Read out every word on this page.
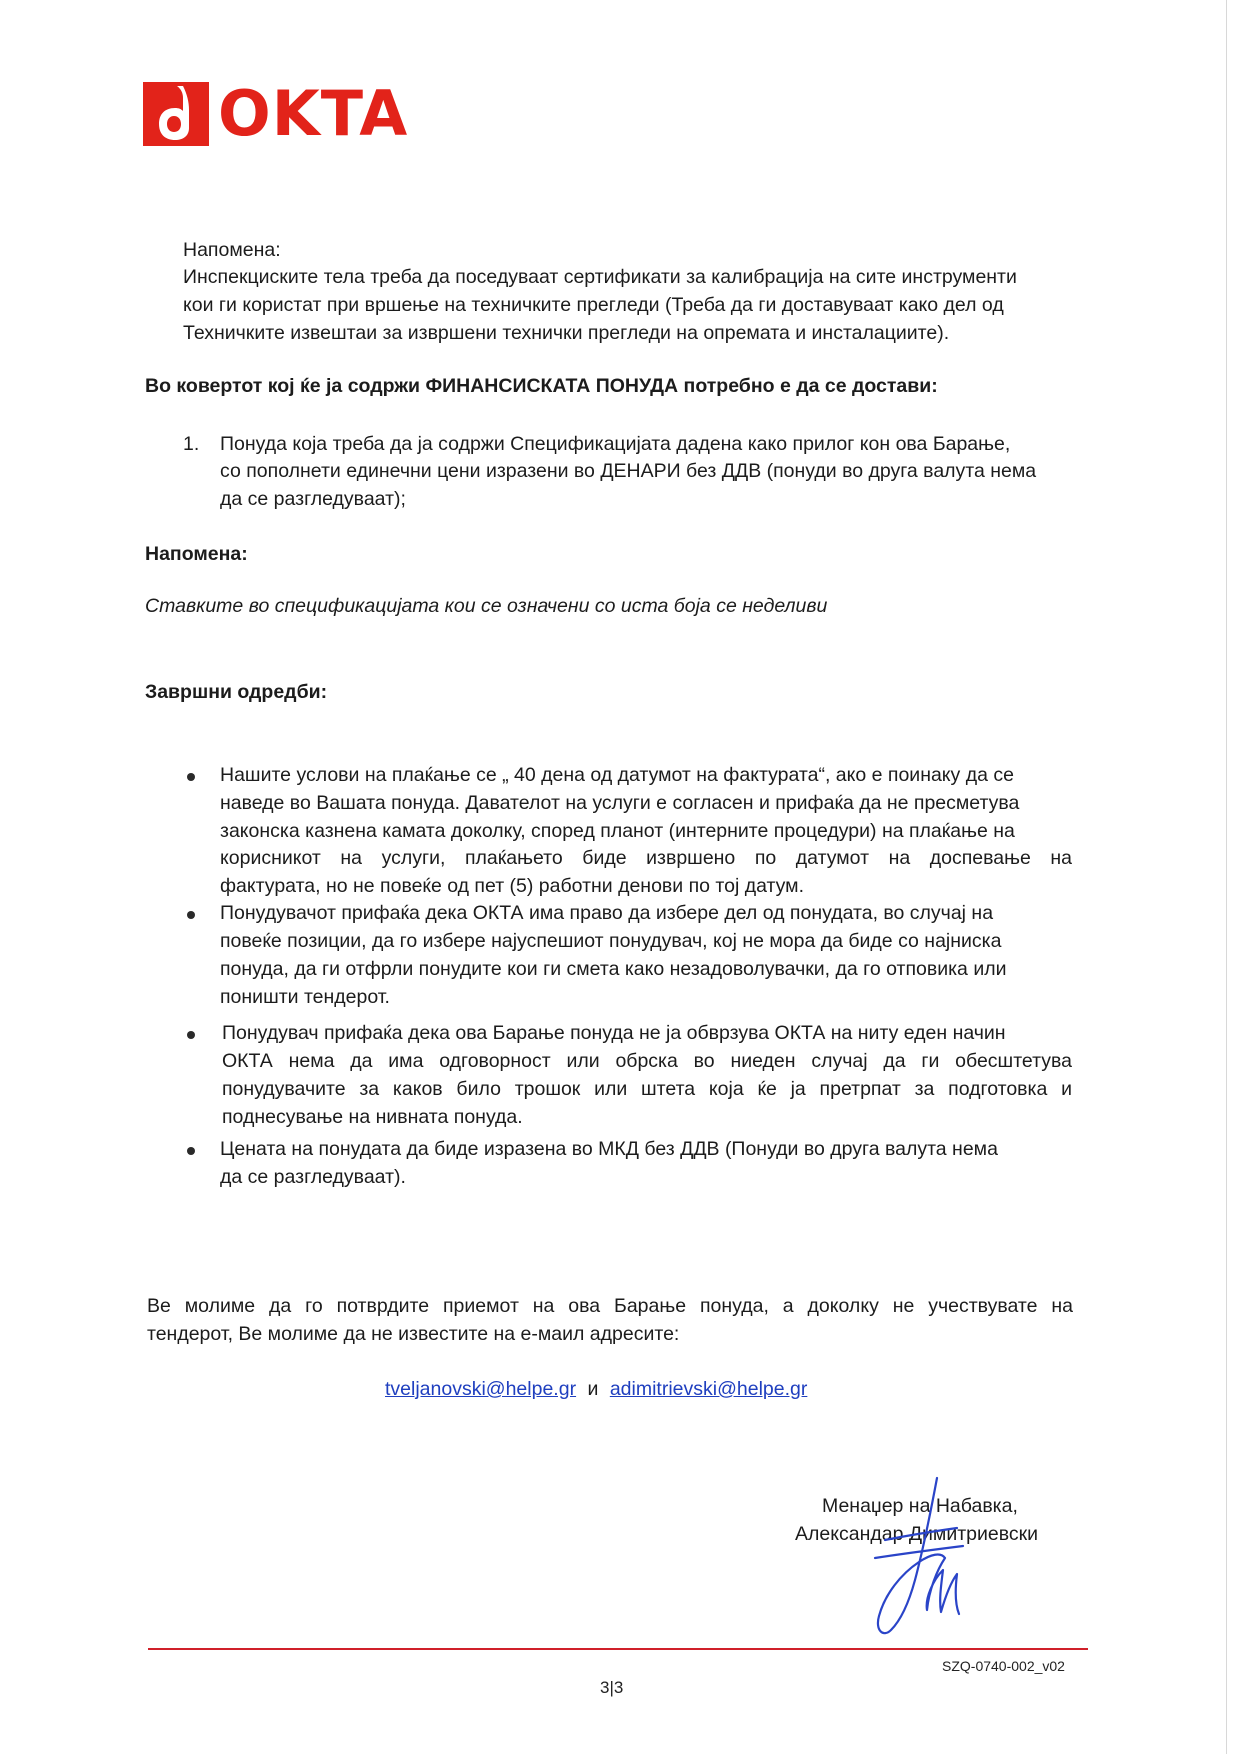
OKTA
Напомена:
Инспекциските тела треба да поседуваат сертификати за калибрација на сите инструменти
кои ги користат при вршење на техничките прегледи (Треба да ги доставуваат како дел од
Техничките извештаи за извршени технички прегледи на опремата и инсталациите).
Во ковертот кој ќе ја содржи ФИНАНСИСКАТА ПОНУДА потребно е да се достави:
1. Понуда која треба да ја содржи Спецификацијата дадена како прилог кон ова Барање,
со пополнети единечни цени изразени во ДЕНАРИ без ДДВ (понуди во друга валута нема
да се разгледуваат);
Напомена:
Ставките во спецификацијата кои се означени со иста боја се неделиви
Завршни одредби:
Нашите услови на плаќање се „ 40 дена од датумот на фактурата“, ако е поинаку да се
наведе во Вашата понуда. Давателот на услуги е согласен и прифаќа да не пресметува
законска казнена камата доколку, според планот (интерните процедури) на плаќање на
корисникот на услуги, плаќањето биде извршено по датумот на доспевање на
фактурата, но не повеќе од пет (5) работни денови по тој датум.
Понудувачот прифаќа дека ОКТА има право да избере дел од понудата, во случај на
повеќе позиции, да го избере најуспешиот понудувач, кој не мора да биде со најниска
понуда, да ги отфрли понудите кои ги смета како незадоволувачки, да го отповика или
поништи тендерот.
Понудувач прифаќа дека ова Барање понуда не ја обврзува ОКТА на ниту еден начин
ОКТА нема да има одговорност или обрска во ниеден случај да ги обесштетува
понудувачите за каков било трошок или штета која ќе ја претрпат за подготовка и
поднесување на нивната понуда.
Цената на понудата да биде изразена во МКД без ДДВ (Понуди во друга валута нема
да се разгледуваат).
Ве молиме да го потврдите приемот на ова Барање понуда, а доколку не учествувате на
тендерот, Ве молиме да не известите на е-маил адресите:
tveljanovski@helpe.gr и adimitrievski@helpe.gr
Менаџер на Набавка,
Александар Димитриевски
SZQ-0740-002_v02
3|3
